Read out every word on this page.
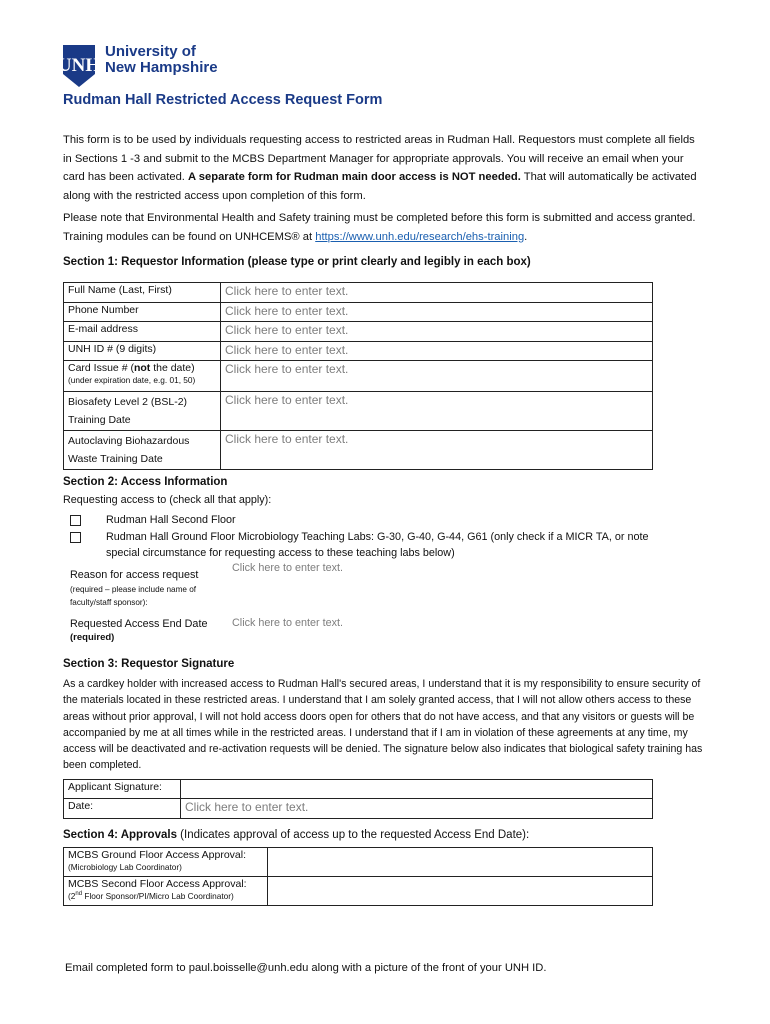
UNH
University of
New Hampshire
Rudman Hall Restricted Access Request Form
This form is to be used by individuals requesting access to restricted areas in Rudman Hall. Requestors must complete all fields in Sections 1 -3 and submit to the MCBS Department Manager for appropriate approvals. You will receive an email when your card has been activated. A separate form for Rudman main door access is NOT needed. That will automatically be activated along with the restricted access upon completion of this form.
Please note that Environmental Health and Safety training must be completed before this form is submitted and access granted. Training modules can be found on UNHCEMS® at https://www.unh.edu/research/ehs-training.
Section 1: Requestor Information (please type or print clearly and legibly in each box)
Full Name (Last, First)	Click here to enter text.
Phone Number	Click here to enter text.
E-mail address	Click here to enter text.
UNH ID # (9 digits)	Click here to enter text.
Card Issue # (not the date)
(under expiration date, e.g. 01, 50)	Click here to enter text.
Biosafety Level 2 (BSL-2) Training Date	Click here to enter text.
Autoclaving Biohazardous Waste Training Date	Click here to enter text.
Section 2: Access Information
Requesting access to (check all that apply):
Rudman Hall Second Floor
Rudman Hall Ground Floor Microbiology Teaching Labs: G-30, G-40, G-44, G61 (only check if a MICR TA, or note special circumstance for requesting access to these teaching labs below)
Reason for access request
(required – please include name of faculty/staff sponsor):
Click here to enter text.
Requested Access End Date
(required)
Click here to enter text.
Section 3: Requestor Signature
As a cardkey holder with increased access to Rudman Hall's secured areas, I understand that it is my responsibility to ensure security of the materials located in these restricted areas. I understand that I am solely granted access, that I will not allow others access to these areas without prior approval, I will not hold access doors open for others that do not have access, and that any visitors or guests will be accompanied by me at all times while in the restricted areas. I understand that if I am in violation of these agreements at any time, my access will be deactivated and re-activation requests will be denied. The signature below also indicates that biological safety training has been completed.
Applicant Signature:	
Date:	Click here to enter text.
Section 4: Approvals (Indicates approval of access up to the requested Access End Date):
MCBS Ground Floor Access Approval:
(Microbiology Lab Coordinator)	

MCBS Second Floor Access Approval:
(2nd Floor Sponsor/PI/Micro Lab Coordinator)	

Email completed form to paul.boisselle@unh.edu along with a picture of the front of your UNH ID.
